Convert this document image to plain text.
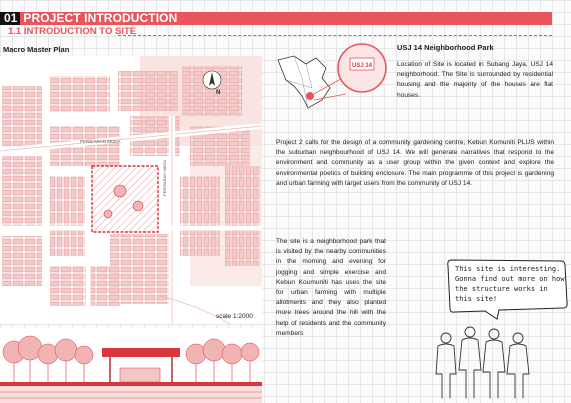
01 PROJECT INTRODUCTION
1.1 INTRODUCTION TO SITE
Macro Master Plan
PERSIARAN MUDA
PERSIARAN MEGA
N
scale 1:2000
USJ 14 Neighborhood Park
USJ 14	Location of Site is located in Subang Jaya, USJ 14 neighborhood. The Site is surrounded by residential housing and the majority of the houses are flat houses.

Project 2 calls for the design of a community gardening centre; Kebun Komuniti PLUS within the suburban neighbourhood of USJ 14. We will generate narratives that respond to the environment and community as a user group within the given context and explore the environmental poetics of building enclosure. The main programme of this project is gardening and urban farming with target users from the community of USJ 14.

The site is a neighborhood park that is visited by the nearby communities in the morning and evening for jogging and simple exercise and Kebun Koumuniti has uses the site for urban farming with multiple allotments and they also planted more trees around the hill with the help of residents and the community members

This site is interesting. Gonna find out more on how the structure works in this site!
